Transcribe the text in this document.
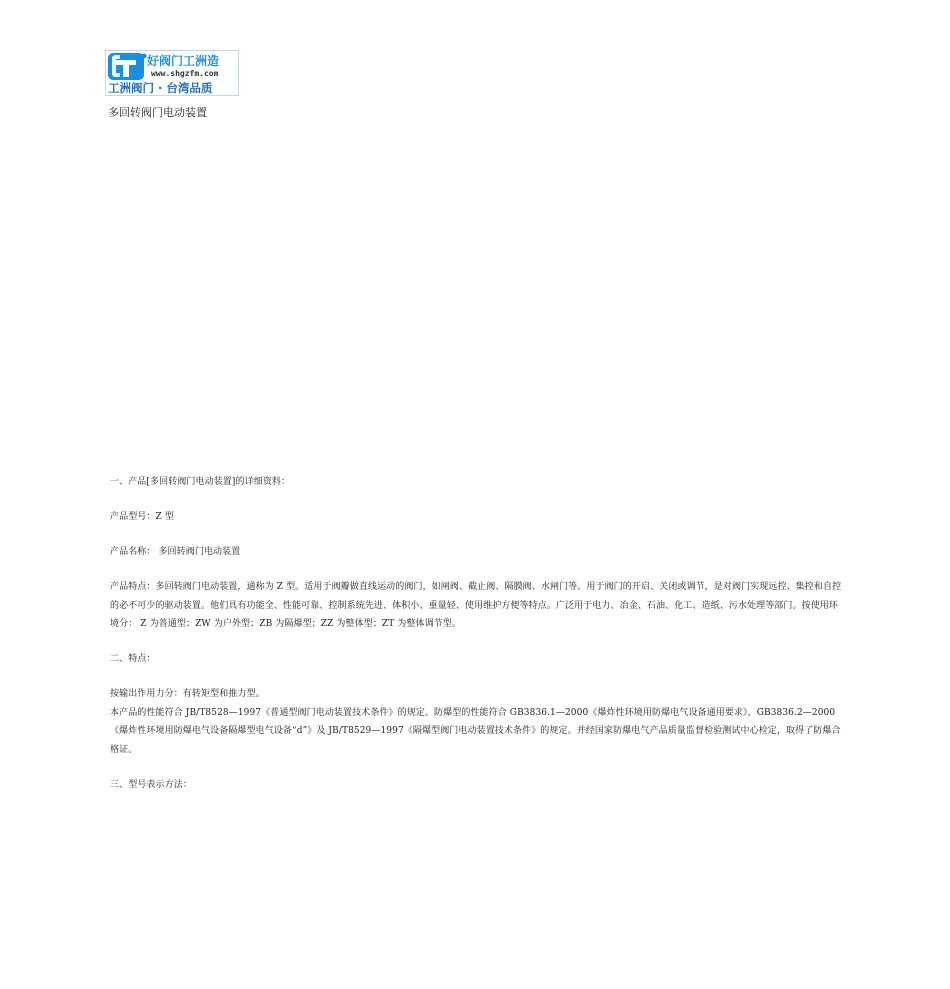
好阀门工洲造
www.shgzfm.com
工洲阀门 · 台湾品质
多回转阀门电动装置

一、产品[多回转阀门电动装置]的详细资料：

产品型号：Z 型

产品名称： 多回转阀门电动装置

产品特点：多回转阀门电动装置，通称为 Z 型。适用于阀瓣做直线运动的阀门，如闸阀、截止阀、隔膜阀、水闸门等。用于阀门的开启、关闭或调节，是对阀门实现远控、集控和自控的必不可少的驱动装置。他们具有功能全、性能可靠、控制系统先进、体积小、重量轻、使用维护方便等特点。广泛用于电力、冶金、石油、化工、造纸、污水处理等部门。按使用环境分： Z 为普通型；ZW 为户外型；ZB 为隔爆型；ZZ 为整体型；ZT 为整体调节型。

二、特点：

按输出作用力分：有转矩型和推力型。

本产品的性能符合 JB/T8528—1997《普通型阀门电动装置技术条件》的规定。防爆型的性能符合 GB3836.1—2000《爆炸性环境用防爆电气设备通用要求》，GB3836.2—2000《爆炸性环境用防爆电气设备隔爆型电气设备“d”》及 JB/T8529—1997《隔爆型阀门电动装置技术条件》的规定。并经国家防爆电气产品质量监督检验测试中心检定，取得了防爆合格证。

三、型号表示方法：
